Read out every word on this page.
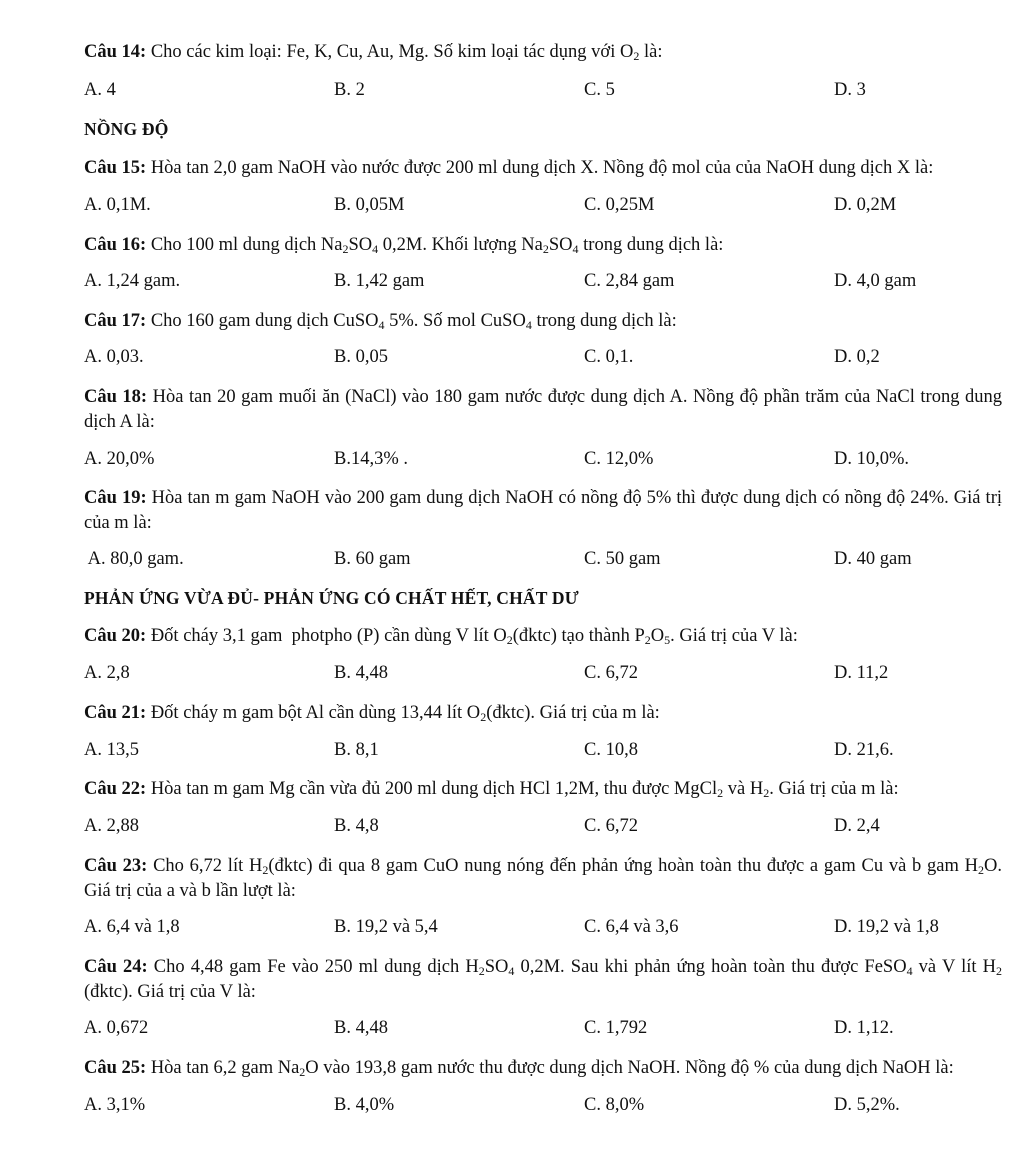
Câu 14: Cho các kim loại: Fe, K, Cu, Au, Mg. Số kim loại tác dụng với $O_2$ là:
A. 4	B. 2	C. 5	D. 3
NỒNG ĐỘ
Câu 15: Hòa tan 2,0 gam NaOH vào nước được 200 ml dung dịch X. Nồng độ mol của của NaOH dung dịch X là:
A. 0,1M.	B. 0,05M	C. 0,25M	D. 0,2M
Câu 16: Cho 100 ml dung dịch $Na_2SO_4$ 0,2M. Khối lượng $Na_2SO_4$ trong dung dịch là:
A. 1,24 gam.	B. 1,42 gam	C. 2,84 gam	D. 4,0 gam
Câu 17: Cho 160 gam dung dịch CuSO$_4$ 5%. Số mol CuSO$_4$ trong dung dịch là:
A. 0,03.	B. 0,05	C. 0,1.	D. 0,2
Câu 18: Hòa tan 20 gam muối ăn (NaCl) vào 180 gam nước được dung dịch A. Nồng độ phần trăm của NaCl trong dung dịch A là:
A. 20,0%	B.14,3% .	C. 12,0%	D. 10,0%.
Câu 19: Hòa tan m gam NaOH vào 200 gam dung dịch NaOH có nồng độ 5% thì được dung dịch có nồng độ 24%. Giá trị của m là:
A. 80,0 gam.	B. 60 gam	C. 50 gam	D. 40 gam
PHẢN ỨNG VỪA ĐỦ- PHẢN ỨNG CÓ CHẤT HẾT, CHẤT DƯ
Câu 20: Đốt cháy 3,1 gam  photpho (P) cần dùng V lít $O_2(đktc)$ tạo thành $P_2O_5$. Giá trị của V là:
A. 2,8	B. 4,48	C. 6,72	D. 11,2
Câu 21: Đốt cháy m gam bột Al cần dùng 13,44 lít $O_2(đktc)$. Giá trị của m là:
A. 13,5	B. 8,1	C. 10,8	D. 21,6.
Câu 22: Hòa tan m gam Mg cần vừa đủ 200 ml dung dịch HCl 1,2M, thu được MgCl$_2$ và $H_2$. Giá trị của m là:
A. 2,88	B. 4,8	C. 6,72	D. 2,4
Câu 23: Cho 6,72 lít $H_2(đktc)$ đi qua 8 gam CuO nung nóng đến phản ứng hoàn toàn thu được a gam Cu và b gam $H_2O$. Giá trị của a và b lần lượt là:
A. 6,4 và 1,8	B. 19,2 và 5,4	C. 6,4 và 3,6	D. 19,2 và 1,8
Câu 24: Cho 4,48 gam Fe vào 250 ml dung dịch $H_2SO_4$ 0,2M. Sau khi phản ứng hoàn toàn thu được FeSO$_4$ và V lít $H_2$ (đktc). Giá trị của V là:
A. 0,672	B. 4,48	C. 1,792	D. 1,12.
Câu 25: Hòa tan 6,2 gam $Na_2O$ vào 193,8 gam nước thu được dung dịch NaOH. Nồng độ % của dung dịch NaOH là:
A. 3,1%	B. 4,0%	C. 8,0%	D. 5,2%.
